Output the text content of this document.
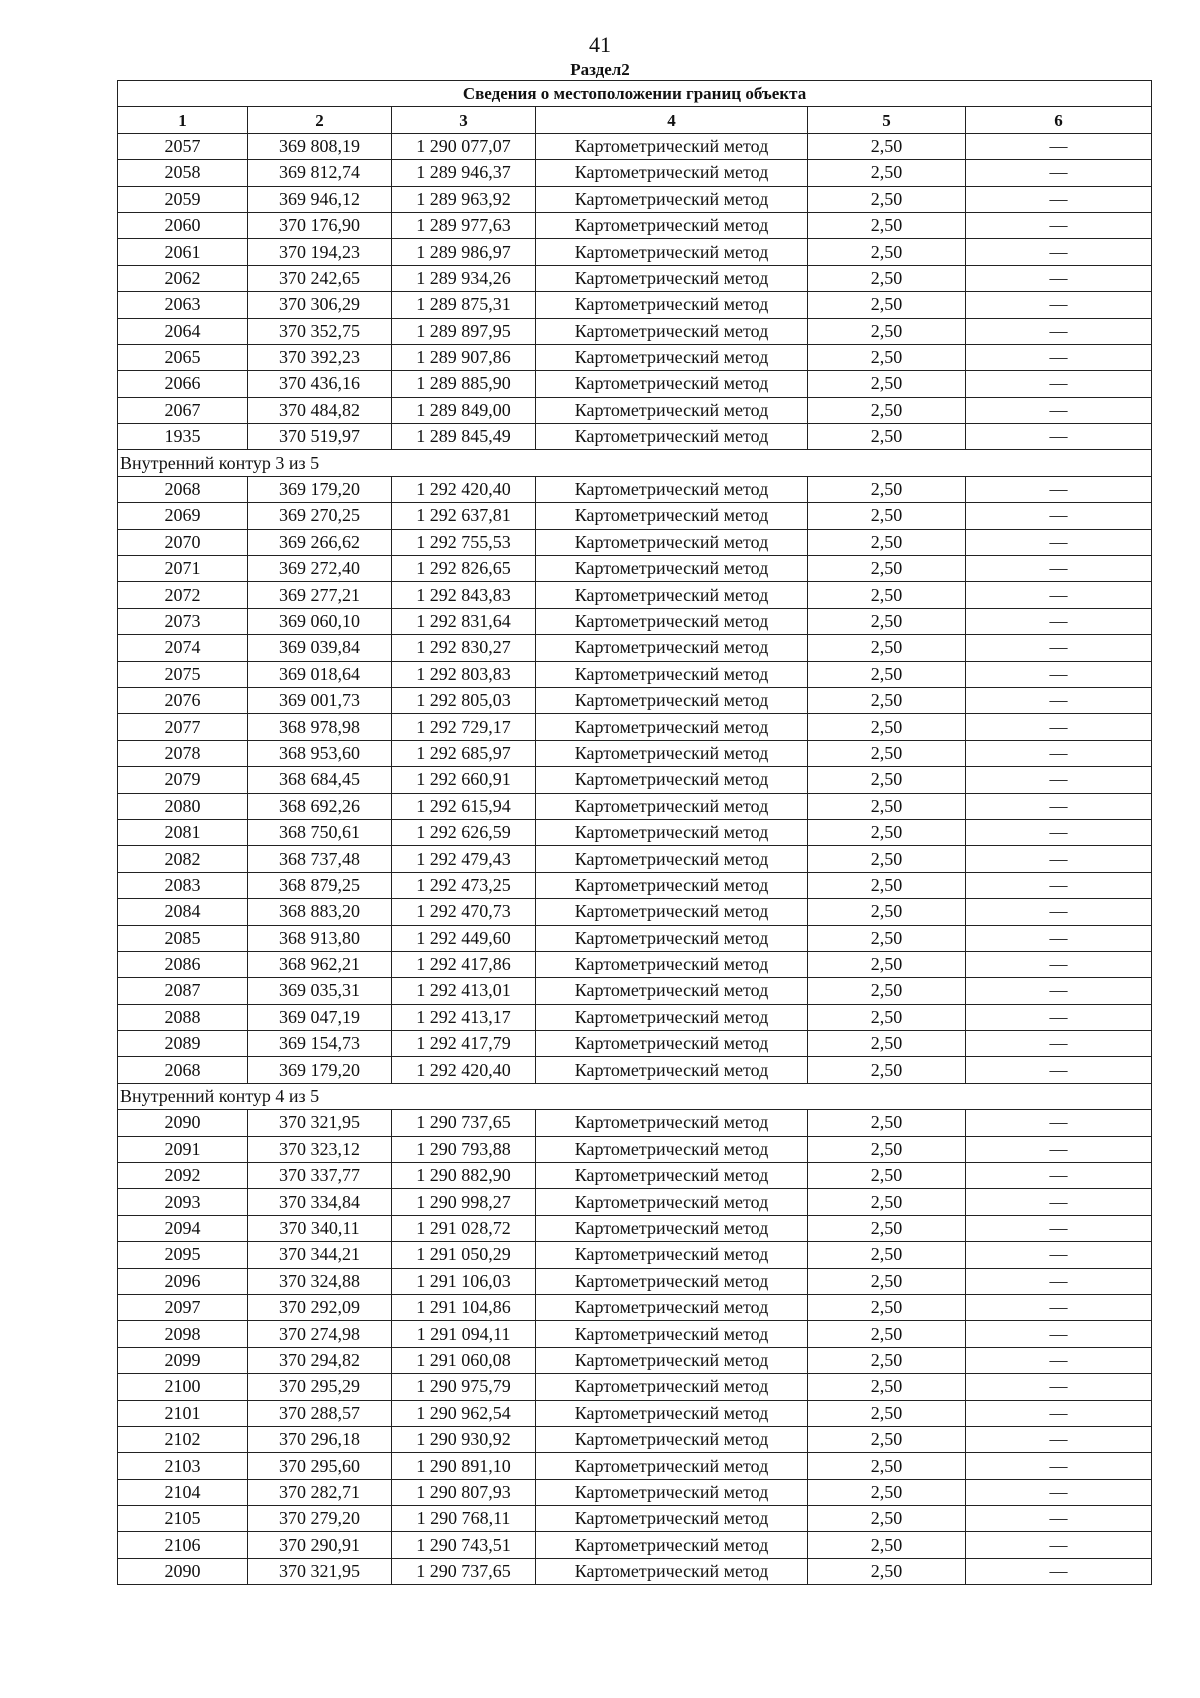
41
Раздел2
Сведения о местоположении границ объекта					
1	2	3	4	5	6
2057	369 808,19	1 290 077,07	Картометрический метод	2,50	—
2058	369 812,74	1 289 946,37	Картометрический метод	2,50	—
2059	369 946,12	1 289 963,92	Картометрический метод	2,50	—
2060	370 176,90	1 289 977,63	Картометрический метод	2,50	—
2061	370 194,23	1 289 986,97	Картометрический метод	2,50	—
2062	370 242,65	1 289 934,26	Картометрический метод	2,50	—
2063	370 306,29	1 289 875,31	Картометрический метод	2,50	—
2064	370 352,75	1 289 897,95	Картометрический метод	2,50	—
2065	370 392,23	1 289 907,86	Картометрический метод	2,50	—
2066	370 436,16	1 289 885,90	Картометрический метод	2,50	—
2067	370 484,82	1 289 849,00	Картометрический метод	2,50	—
1935	370 519,97	1 289 845,49	Картометрический метод	2,50	—
Внутренний контур 3 из 5					
2068	369 179,20	1 292 420,40	Картометрический метод	2,50	—
2069	369 270,25	1 292 637,81	Картометрический метод	2,50	—
2070	369 266,62	1 292 755,53	Картометрический метод	2,50	—
2071	369 272,40	1 292 826,65	Картометрический метод	2,50	—
2072	369 277,21	1 292 843,83	Картометрический метод	2,50	—
2073	369 060,10	1 292 831,64	Картометрический метод	2,50	—
2074	369 039,84	1 292 830,27	Картометрический метод	2,50	—
2075	369 018,64	1 292 803,83	Картометрический метод	2,50	—
2076	369 001,73	1 292 805,03	Картометрический метод	2,50	—
2077	368 978,98	1 292 729,17	Картометрический метод	2,50	—
2078	368 953,60	1 292 685,97	Картометрический метод	2,50	—
2079	368 684,45	1 292 660,91	Картометрический метод	2,50	—
2080	368 692,26	1 292 615,94	Картометрический метод	2,50	—
2081	368 750,61	1 292 626,59	Картометрический метод	2,50	—
2082	368 737,48	1 292 479,43	Картометрический метод	2,50	—
2083	368 879,25	1 292 473,25	Картометрический метод	2,50	—
2084	368 883,20	1 292 470,73	Картометрический метод	2,50	—
2085	368 913,80	1 292 449,60	Картометрический метод	2,50	—
2086	368 962,21	1 292 417,86	Картометрический метод	2,50	—
2087	369 035,31	1 292 413,01	Картометрический метод	2,50	—
2088	369 047,19	1 292 413,17	Картометрический метод	2,50	—
2089	369 154,73	1 292 417,79	Картометрический метод	2,50	—
2068	369 179,20	1 292 420,40	Картометрический метод	2,50	—
Внутренний контур 4 из 5					
2090	370 321,95	1 290 737,65	Картометрический метод	2,50	—
2091	370 323,12	1 290 793,88	Картометрический метод	2,50	—
2092	370 337,77	1 290 882,90	Картометрический метод	2,50	—
2093	370 334,84	1 290 998,27	Картометрический метод	2,50	—
2094	370 340,11	1 291 028,72	Картометрический метод	2,50	—
2095	370 344,21	1 291 050,29	Картометрический метод	2,50	—
2096	370 324,88	1 291 106,03	Картометрический метод	2,50	—
2097	370 292,09	1 291 104,86	Картометрический метод	2,50	—
2098	370 274,98	1 291 094,11	Картометрический метод	2,50	—
2099	370 294,82	1 291 060,08	Картометрический метод	2,50	—
2100	370 295,29	1 290 975,79	Картометрический метод	2,50	—
2101	370 288,57	1 290 962,54	Картометрический метод	2,50	—
2102	370 296,18	1 290 930,92	Картометрический метод	2,50	—
2103	370 295,60	1 290 891,10	Картометрический метод	2,50	—
2104	370 282,71	1 290 807,93	Картометрический метод	2,50	—
2105	370 279,20	1 290 768,11	Картометрический метод	2,50	—
2106	370 290,91	1 290 743,51	Картометрический метод	2,50	—
2090	370 321,95	1 290 737,65	Картометрический метод	2,50	—
